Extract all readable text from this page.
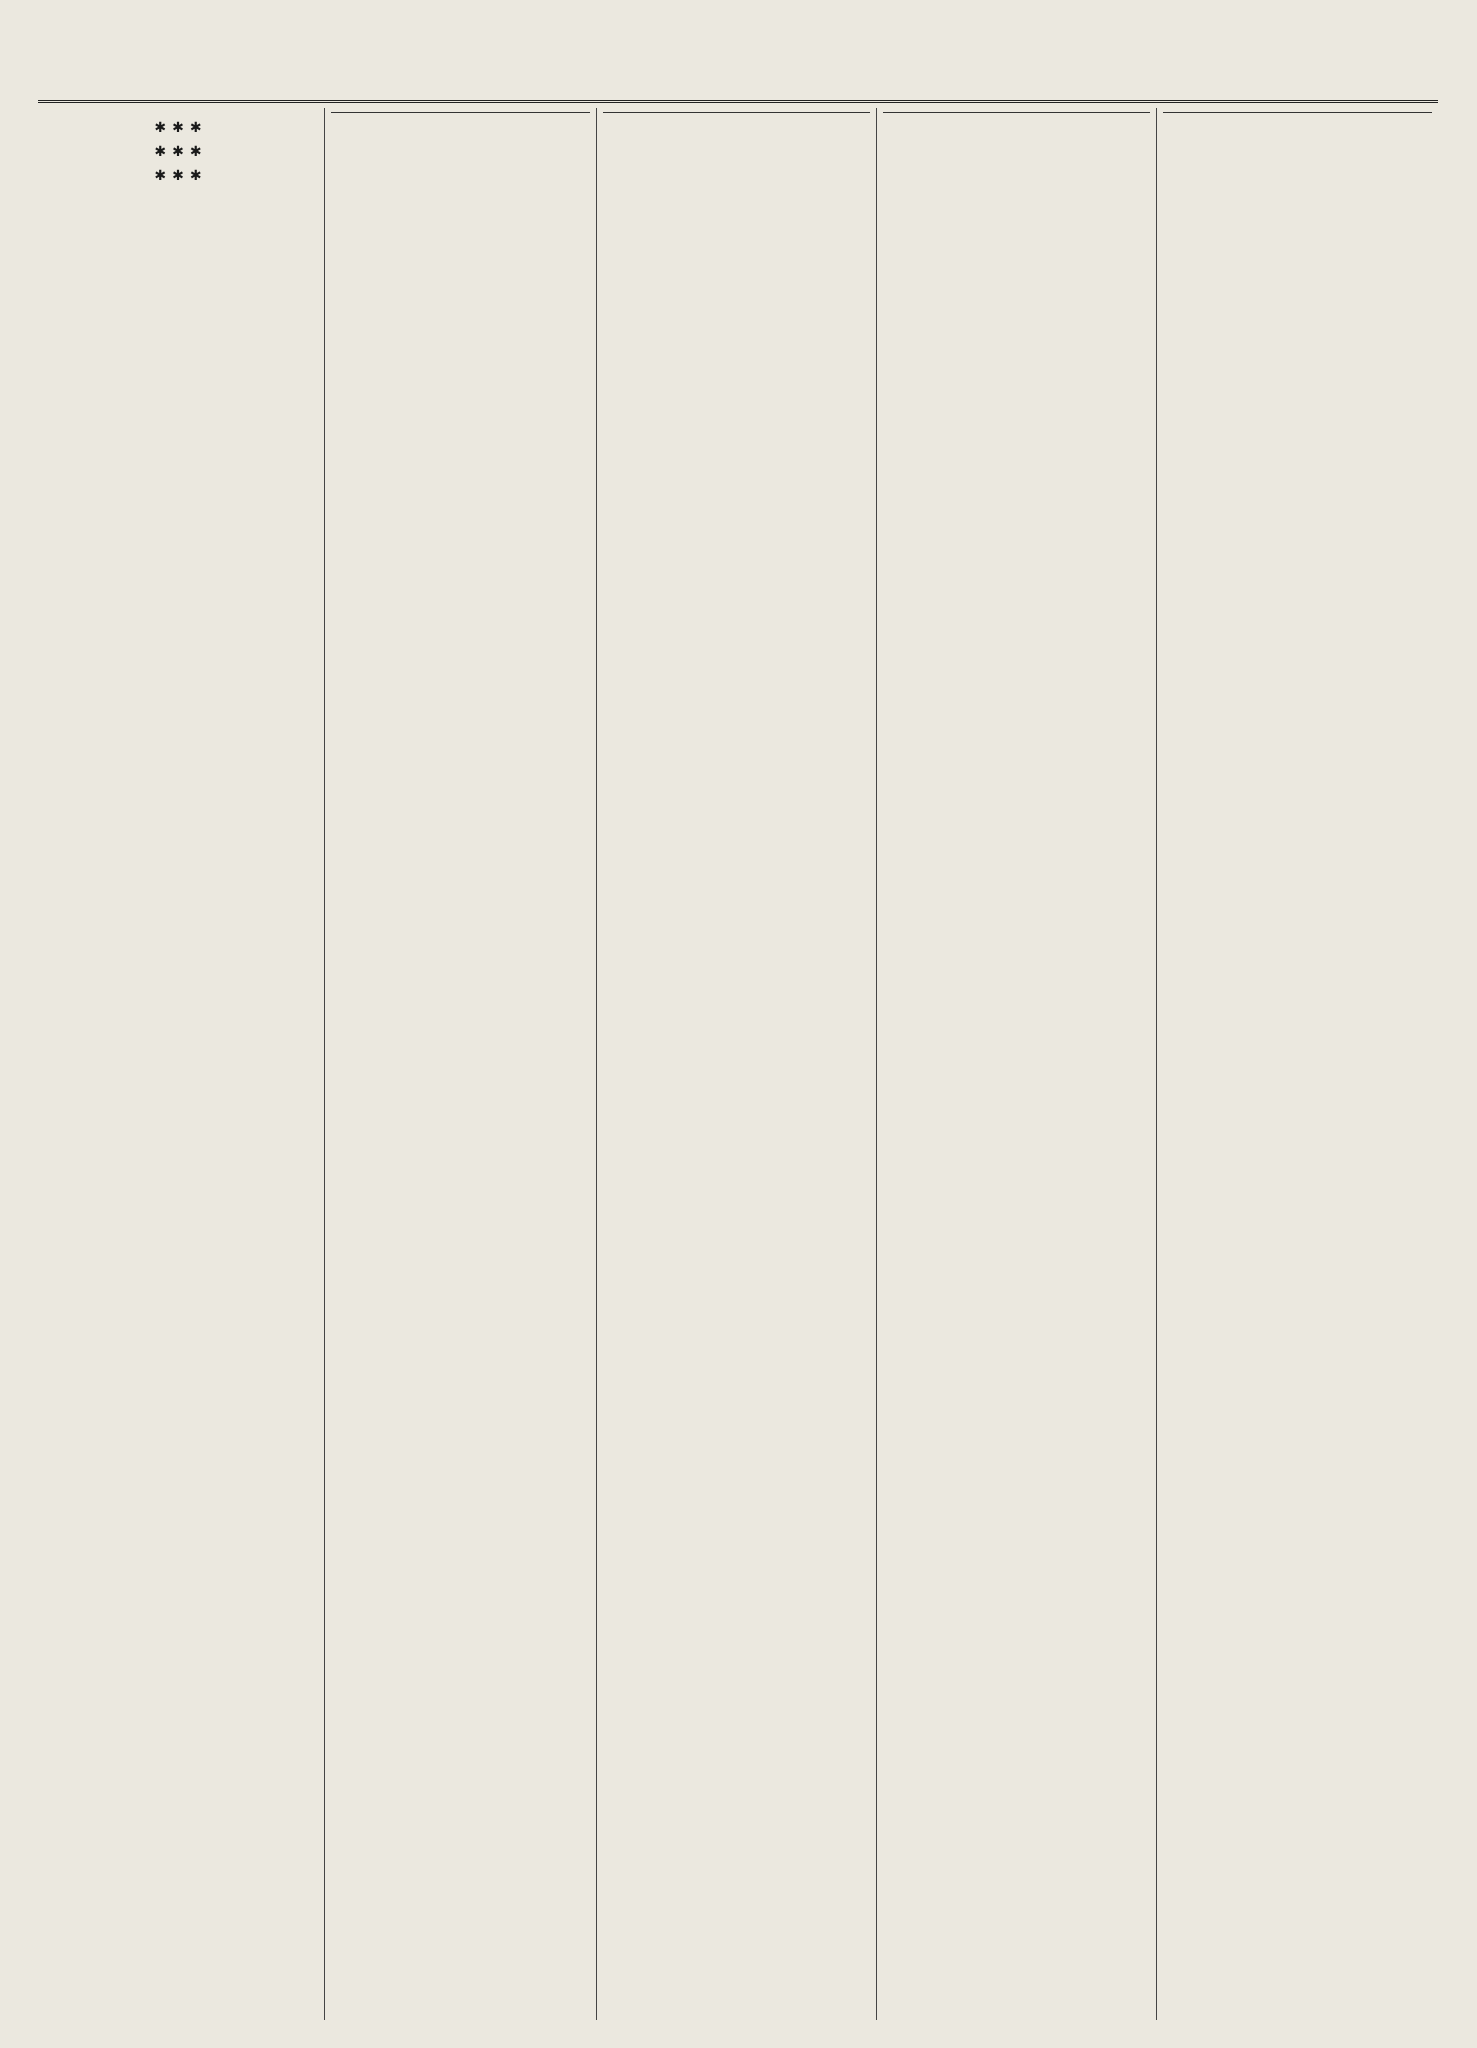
✱✱✱
✱✱✱
✱✱✱
